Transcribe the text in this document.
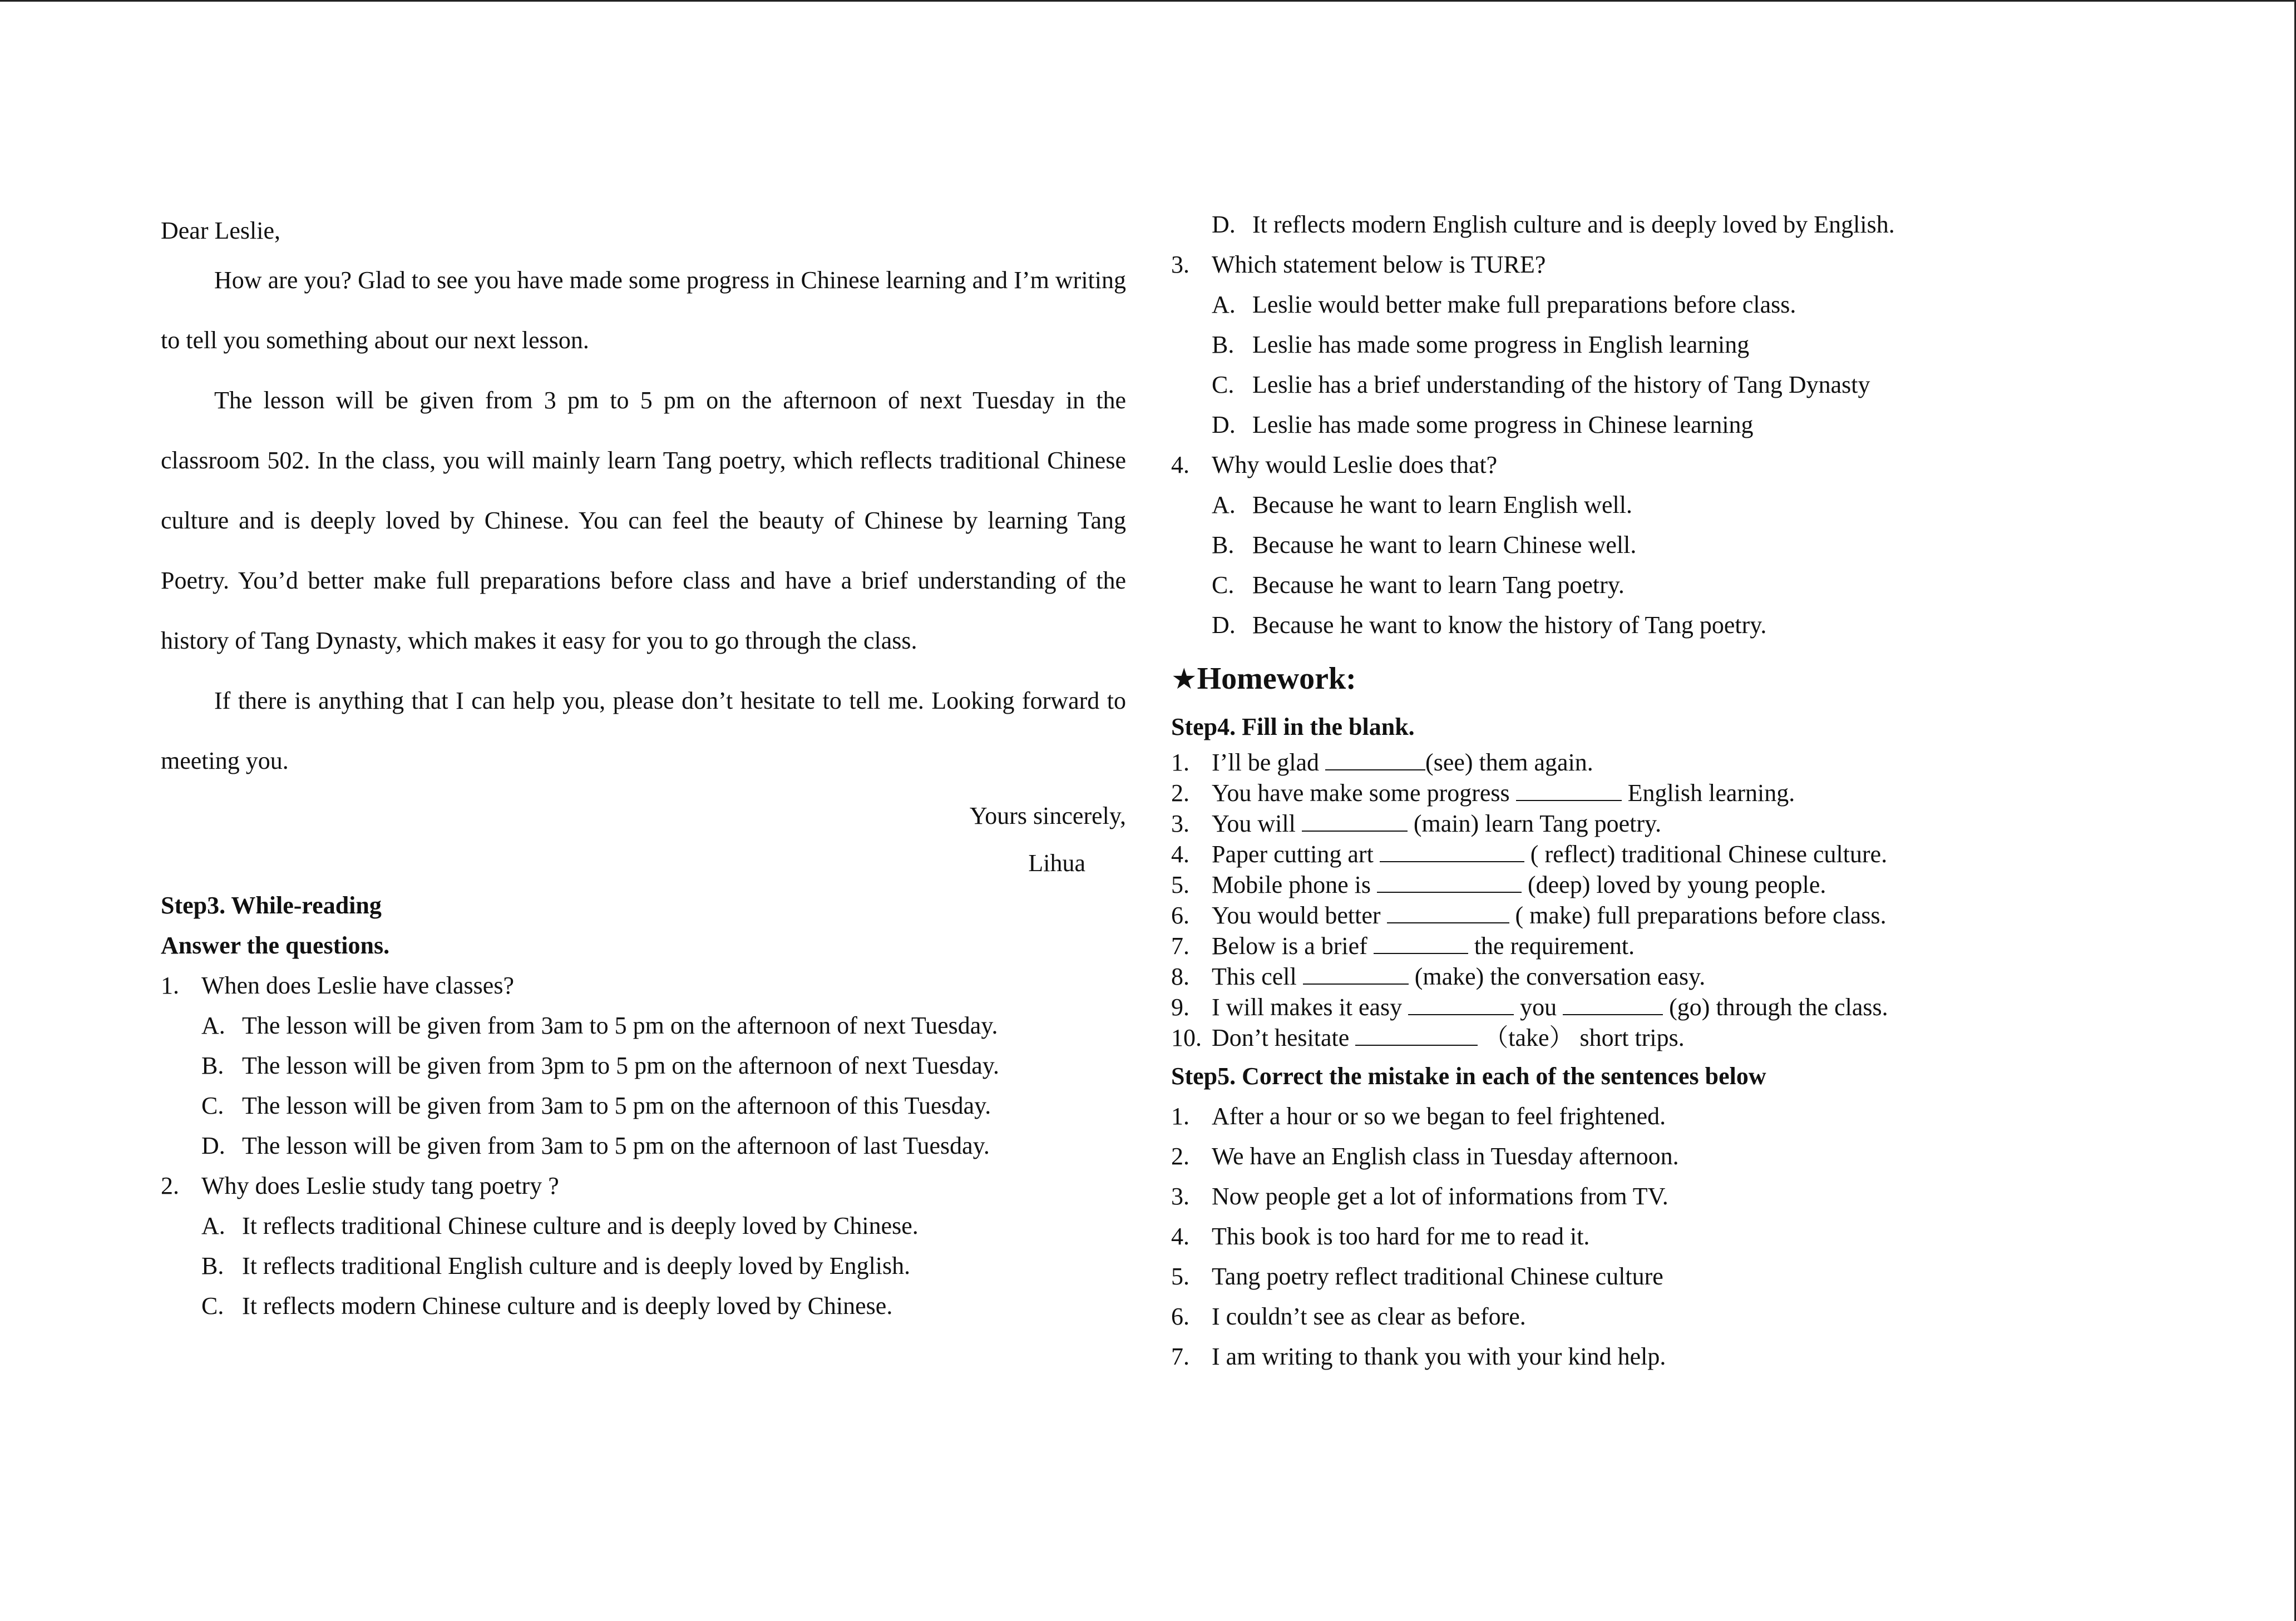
Dear Leslie,

How are you? Glad to see you have made some progress in Chinese learning and I’m writing to tell you something about our next lesson.

The lesson will be given from 3 pm to 5 pm on the afternoon of next Tuesday in the classroom 502. In the class, you will mainly learn Tang poetry, which reflects traditional Chinese culture and is deeply loved by Chinese. You can feel the beauty of Chinese by learning Tang Poetry. You’d better make full preparations before class and have a brief understanding of the history of Tang Dynasty, which makes it easy for you to go through the class.

If there is anything that I can help you, please don’t hesitate to tell me. Looking forward to meeting you.

Yours sincerely,
Lihua
Step3. While-reading
Answer the questions.
1. When does Leslie have classes?
A. The lesson will be given from 3am to 5 pm on the afternoon of next Tuesday.
B. The lesson will be given from 3pm to 5 pm on the afternoon of next Tuesday.
C. The lesson will be given from 3am to 5 pm on the afternoon of this Tuesday.
D. The lesson will be given from 3am to 5 pm on the afternoon of last Tuesday.
2. Why does Leslie study tang poetry ?
A. It reflects traditional Chinese culture and is deeply loved by Chinese.
B. It reflects traditional English culture and is deeply loved by English.
C. It reflects modern Chinese culture and is deeply loved by Chinese.
D. It reflects modern English culture and is deeply loved by English.
3. Which statement below is TURE?
A. Leslie would better make full preparations before class.
B. Leslie has made some progress in English learning
C. Leslie has a brief understanding of the history of Tang Dynasty
D. Leslie has made some progress in Chinese learning
4. Why would Leslie does that?
A. Because he want to learn English well.
B. Because he want to learn Chinese well.
C. Because he want to learn Tang poetry.
D. Because he want to know the history of Tang poetry.
★Homework:
Step4. Fill in the blank.
1. I’ll be glad	(see) them again.
2. You have make some progress	English learning.
3. You will	(main) learn Tang poetry.
4. Paper cutting art	( reflect) traditional Chinese culture.
5. Mobile phone is	(deep) loved by young people.
6. You would better	( make) full preparations before class.
7. Below is a brief	the requirement.
8. This cell	(make) the conversation easy.
9. I will makes it easy	you	(go) through the class.
10. Don’t hesitate	（take） short trips.
Step5. Correct the mistake in each of the sentences below
1. After a hour or so we began to feel frightened.
2. We have an English class in Tuesday afternoon.
3. Now people get a lot of informations from TV.
4. This book is too hard for me to read it.
5. Tang poetry reflect traditional Chinese culture
6. I couldn’t see as clear as before.
7. I am writing to thank you with your kind help.
